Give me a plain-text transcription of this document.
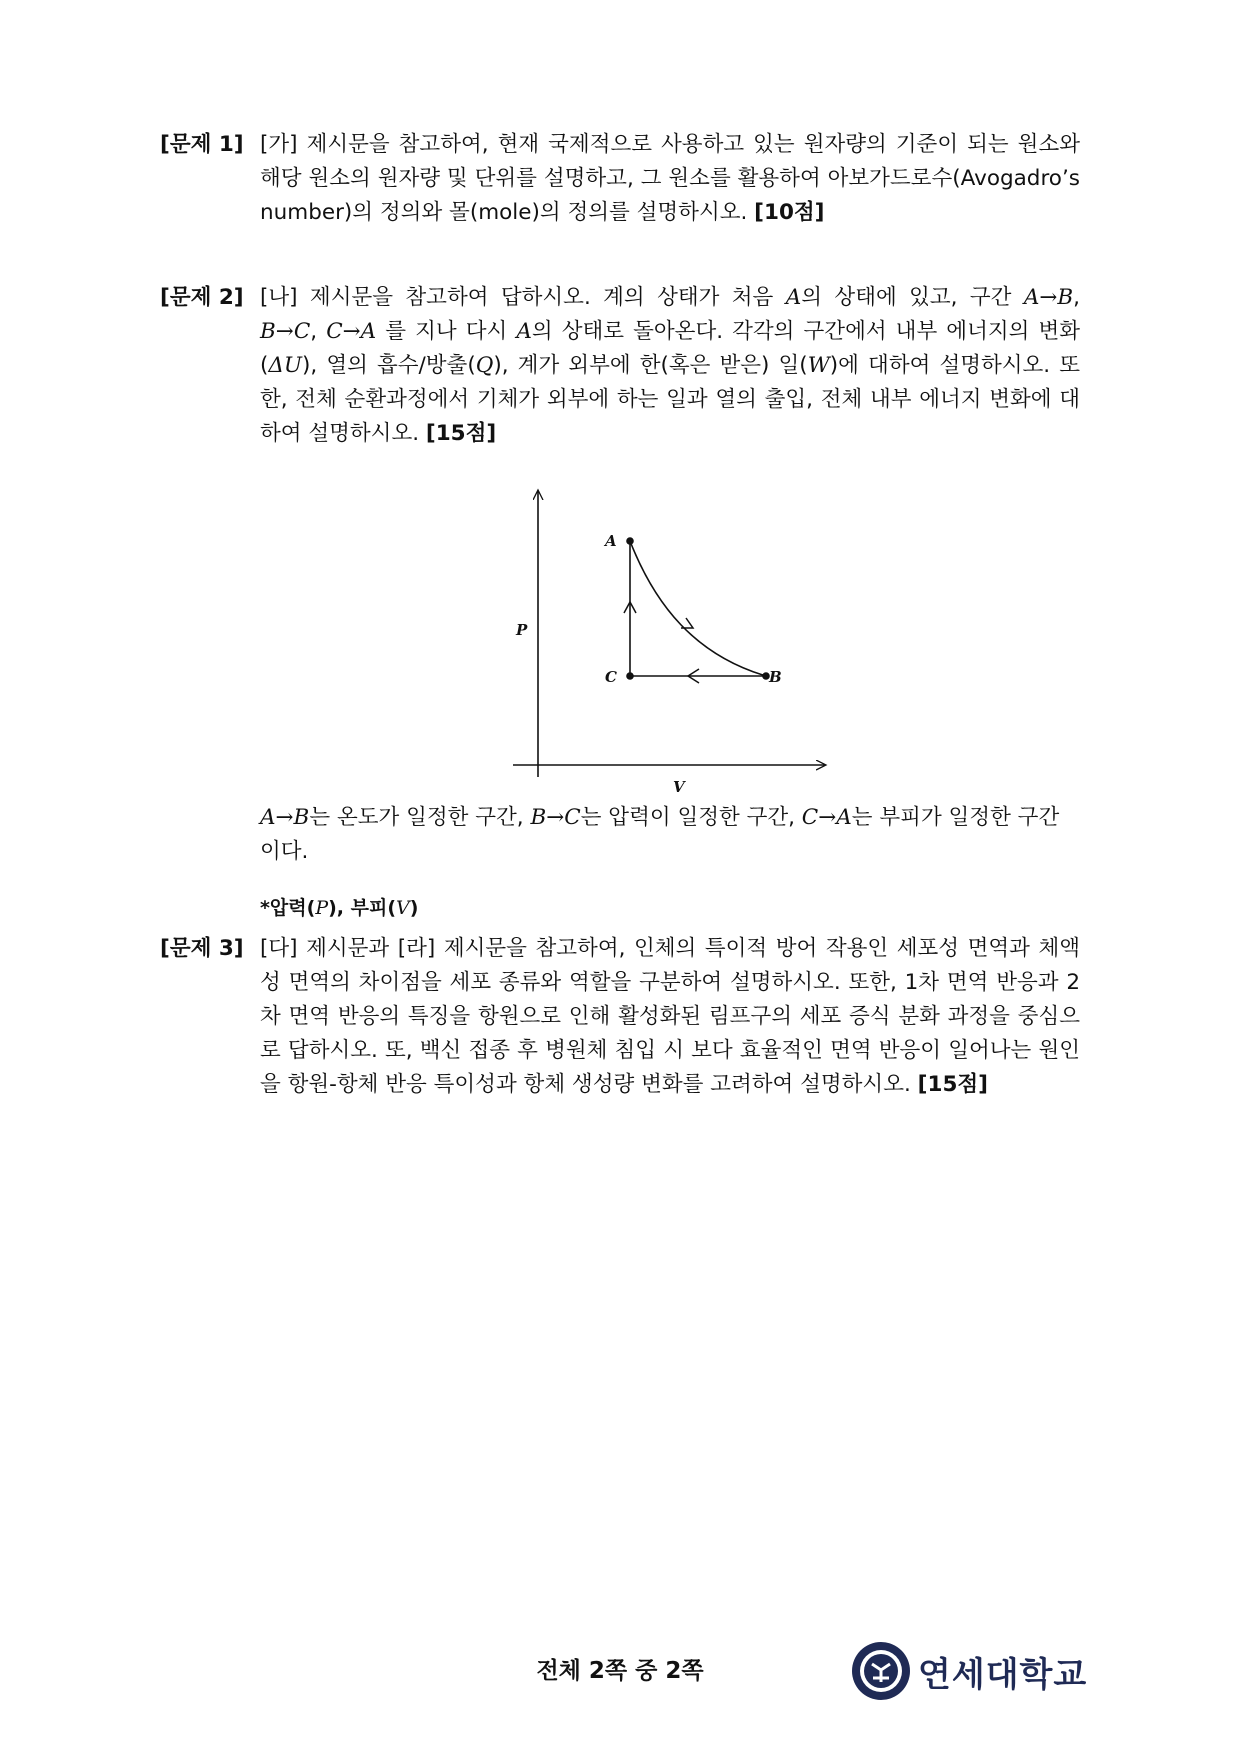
[문제 1] [가] 제시문을 참고하여, 현재 국제적으로 사용하고 있는 원자량의 기준이 되는 원소와 해당 원소의 원자량 및 단위를 설명하고, 그 원소를 활용하여 아보가드로수(Avogadro’s number)의 정의와 몰(mole)의 정의를 설명하시오. [10점]
[문제 2] [나] 제시문을 참고하여 답하시오. 계의 상태가 처음 A의 상태에 있고, 구간 A→B, B→C, C→A 를 지나 다시 A의 상태로 돌아온다. 각각의 구간에서 내부 에너지의 변화(ΔU), 열의 흡수/방출(Q), 계가 외부에 한(혹은 받은) 일(W)에 대하여 설명하시오. 또한, 전체 순환과정에서 기체가 외부에 하는 일과 열의 출입, 전체 내부 에너지 변화에 대하여 설명하시오. [15점]
A
B
C
P
V
A→B는 온도가 일정한 구간, B→C는 압력이 일정한 구간, C→A는 부피가 일정한 구간이다.
*압력(P), 부피(V)
[문제 3] [다] 제시문과 [라] 제시문을 참고하여, 인체의 특이적 방어 작용인 세포성 면역과 체액성 면역의 차이점을 세포 종류와 역할을 구분하여 설명하시오. 또한, 1차 면역 반응과 2차 면역 반응의 특징을 항원으로 인해 활성화된 림프구의 세포 증식 분화 과정을 중심으로 답하시오. 또, 백신 접종 후 병원체 침입 시 보다 효율적인 면역 반응이 일어나는 원인을 항원-항체 반응 특이성과 항체 생성량 변화를 고려하여 설명하시오. [15점]
전체 2쪽 중 2쪽	연세대학교
